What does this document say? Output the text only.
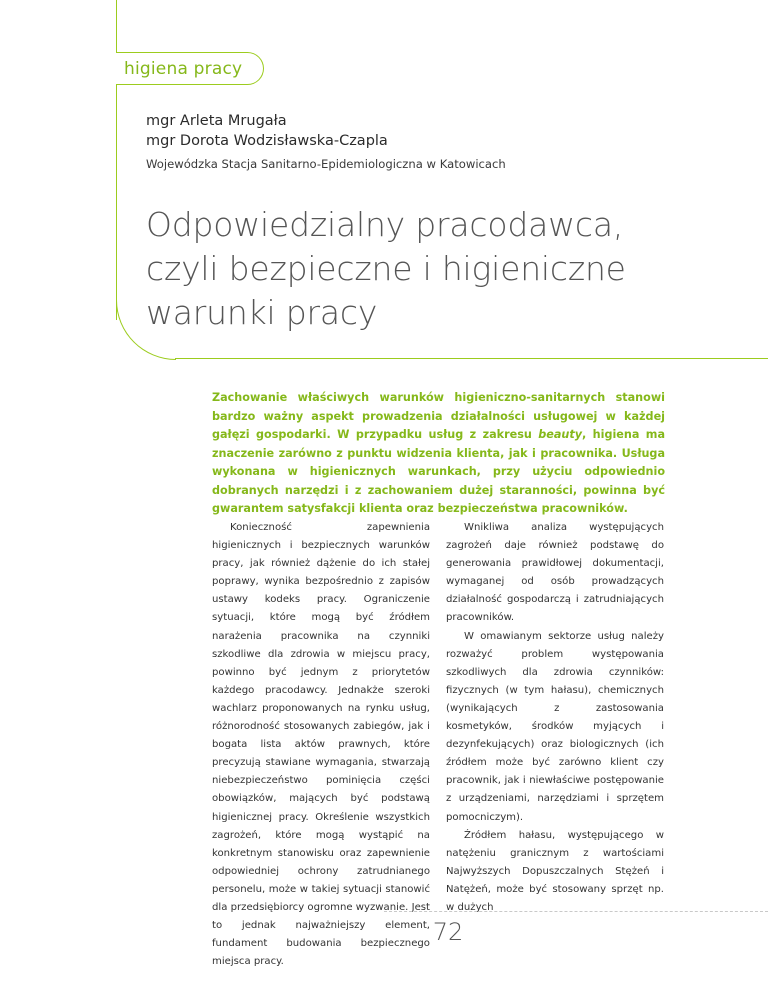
higiena pracy
mgr Arleta Mrugała
mgr Dorota Wodzisławska-Czapla
Wojewódzka Stacja Sanitarno-Epidemiologiczna w Katowicach
Odpowiedzialny pracodawca,
czyli bezpieczne i higieniczne
warunki pracy
Zachowanie właściwych warunków higieniczno-sanitarnych stanowi bardzo ważny aspekt prowadzenia działalności usługowej w każdej gałęzi gospodarki. W przypadku usług z zakresu beauty, higiena ma znaczenie zarówno z punktu widzenia klienta, jak i pracownika. Usługa wykonana w higienicznych warunkach, przy użyciu odpowiednio dobranych narzędzi i z zachowaniem dużej staranności, powinna być gwarantem satysfakcji klienta oraz bezpieczeństwa pracowników.

Konieczność zapewnienia higienicznych i bezpiecznych warunków pracy, jak również dążenie do ich stałej poprawy, wynika bezpośrednio z zapisów ustawy kodeks pracy. Ograniczenie sytuacji, które mogą być źródłem narażenia pracownika na czynniki szkodliwe dla zdrowia w miejscu pracy, powinno być jednym z priorytetów każdego pracodawcy. Jednakże szeroki wachlarz proponowanych na rynku usług, różnorodność stosowanych zabiegów, jak i bogata lista aktów prawnych, które precyzują stawiane wymagania, stwarzają niebezpieczeństwo pominięcia części obowiązków, mających być podstawą higienicznej pracy. Określenie wszystkich zagrożeń, które mogą wystąpić na konkretnym stanowisku oraz zapewnienie odpowiedniej ochrony zatrudnianego personelu, może w takiej sytuacji stanowić dla przedsiębiorcy ogromne wyzwanie. Jest to jednak najważniejszy element, fundament budowania bezpiecznego miejsca pracy.

Wnikliwa analiza występujących zagrożeń daje również podstawę do generowania prawidłowej dokumentacji, wymaganej od osób prowadzących działalność gospodarczą i zatrudniających pracowników.

W omawianym sektorze usług należy rozważyć problem występowania szkodliwych dla zdrowia czynników: fizycznych (w tym hałasu), chemicznych (wynikających z zastosowania kosmetyków, środków myjących i dezynfekujących) oraz biologicznych (ich źródłem może być zarówno klient czy pracownik, jak i niewłaściwe postępowanie z urządzeniami, narzędziami i sprzętem pomocniczym).

Źródłem hałasu, występującego w natężeniu granicznym z wartościami Najwyższych Dopuszczalnych Stężeń i Natężeń, może być stosowany sprzęt np. w dużych

72
